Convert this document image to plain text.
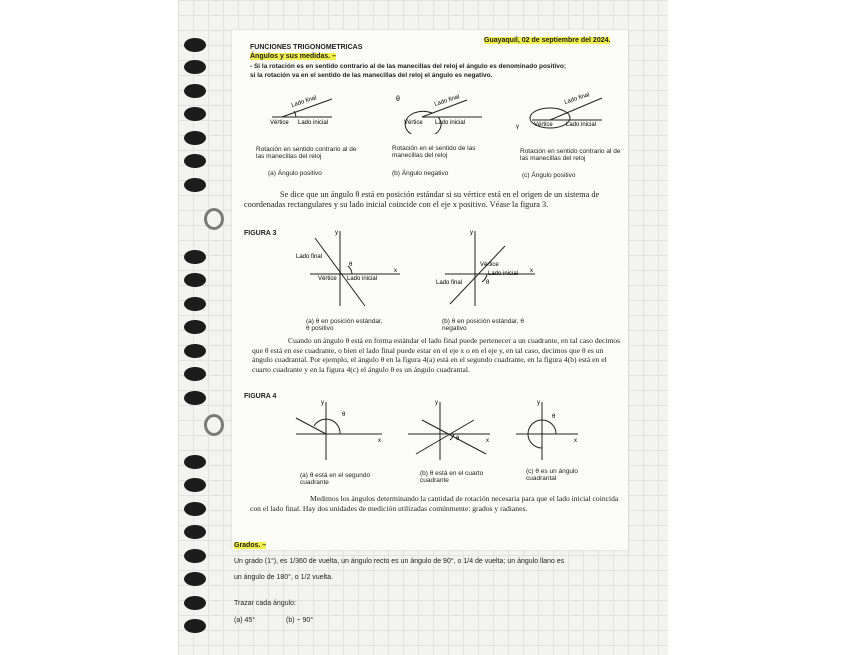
Guayaquil, 02 de septiembre del 2024.
FUNCIONES TRIGONOMETRICAS
Ángulos y sus medidas. –
- Si la rotación es en sentido contrario al de las manecillas del reloj el ángulo es denominado positivo;
si la rotación va en el sentido de las manecillas del reloj el ángulo es negativo.
Lado final
Vértice Lado inicial
θ	Lado final
Vértice Lado inicial
Lado final
γ	Vértice Lado inicial
Rotación en sentido contrario al de las manecillas del reloj
Rotación en el sentido de las manecillas del reloj
Rotación en sentido contrario al de las manecillas del reloj
(a) Ángulo positivo	(b) Ángulo negativo	(c) Ángulo positivo
Se dice que un ángulo θ está en posición estándar si su vértice está en el origen de un sistema de coordenadas rectangulares y su lado inicial coincide con el eje x positivo. Véase la figura 3.
FIGURA 3
Lado final
Vértice Lado inicial
x
y
θ	Vértice
Lado inicial
Lado final
x
y
θ
(a) θ en posición estándar, θ positivo
(b) θ en posición estándar, θ negativo
Cuando un ángulo θ está en forma estándar el lado final puede pertenecer a un cuadrante, en tal caso decimos que θ está en ese cuadrante, o bien el lado final puede estar en el eje x o en el eje y, en tal caso, decimos que θ es un ángulo cuadrantal. Por ejemplo, el ángulo θ en la figura 4(a) está en el segundo cuadrante, en la figura 4(b) está en el cuarto cuadrante y en la figura 4(c) el ángulo θ es un ángulo cuadrantal.
FIGURA 4
y
x
θ
y
x
θ
y
x
θ
(a) θ está en el segundo cuadrante
(b) θ está en el cuarto cuadrante
(c) θ es un ángulo cuadrantal
Medimos los ángulos determinando la cantidad de rotación necesaria para que el lado inicial coincida con el lado final. Hay dos unidades de medición utilizadas comúnmente: grados y radianes.
Grados. –
Un grado (1°), es 1/360 de vuelta, un ángulo recto es un ángulo de 90°, o 1/4 de vuelta; un ángulo llano es
un ángulo de 180°, o 1/2 vuelta.
Trazar cada ángulo:
(a) 45°	(b) − 90°
